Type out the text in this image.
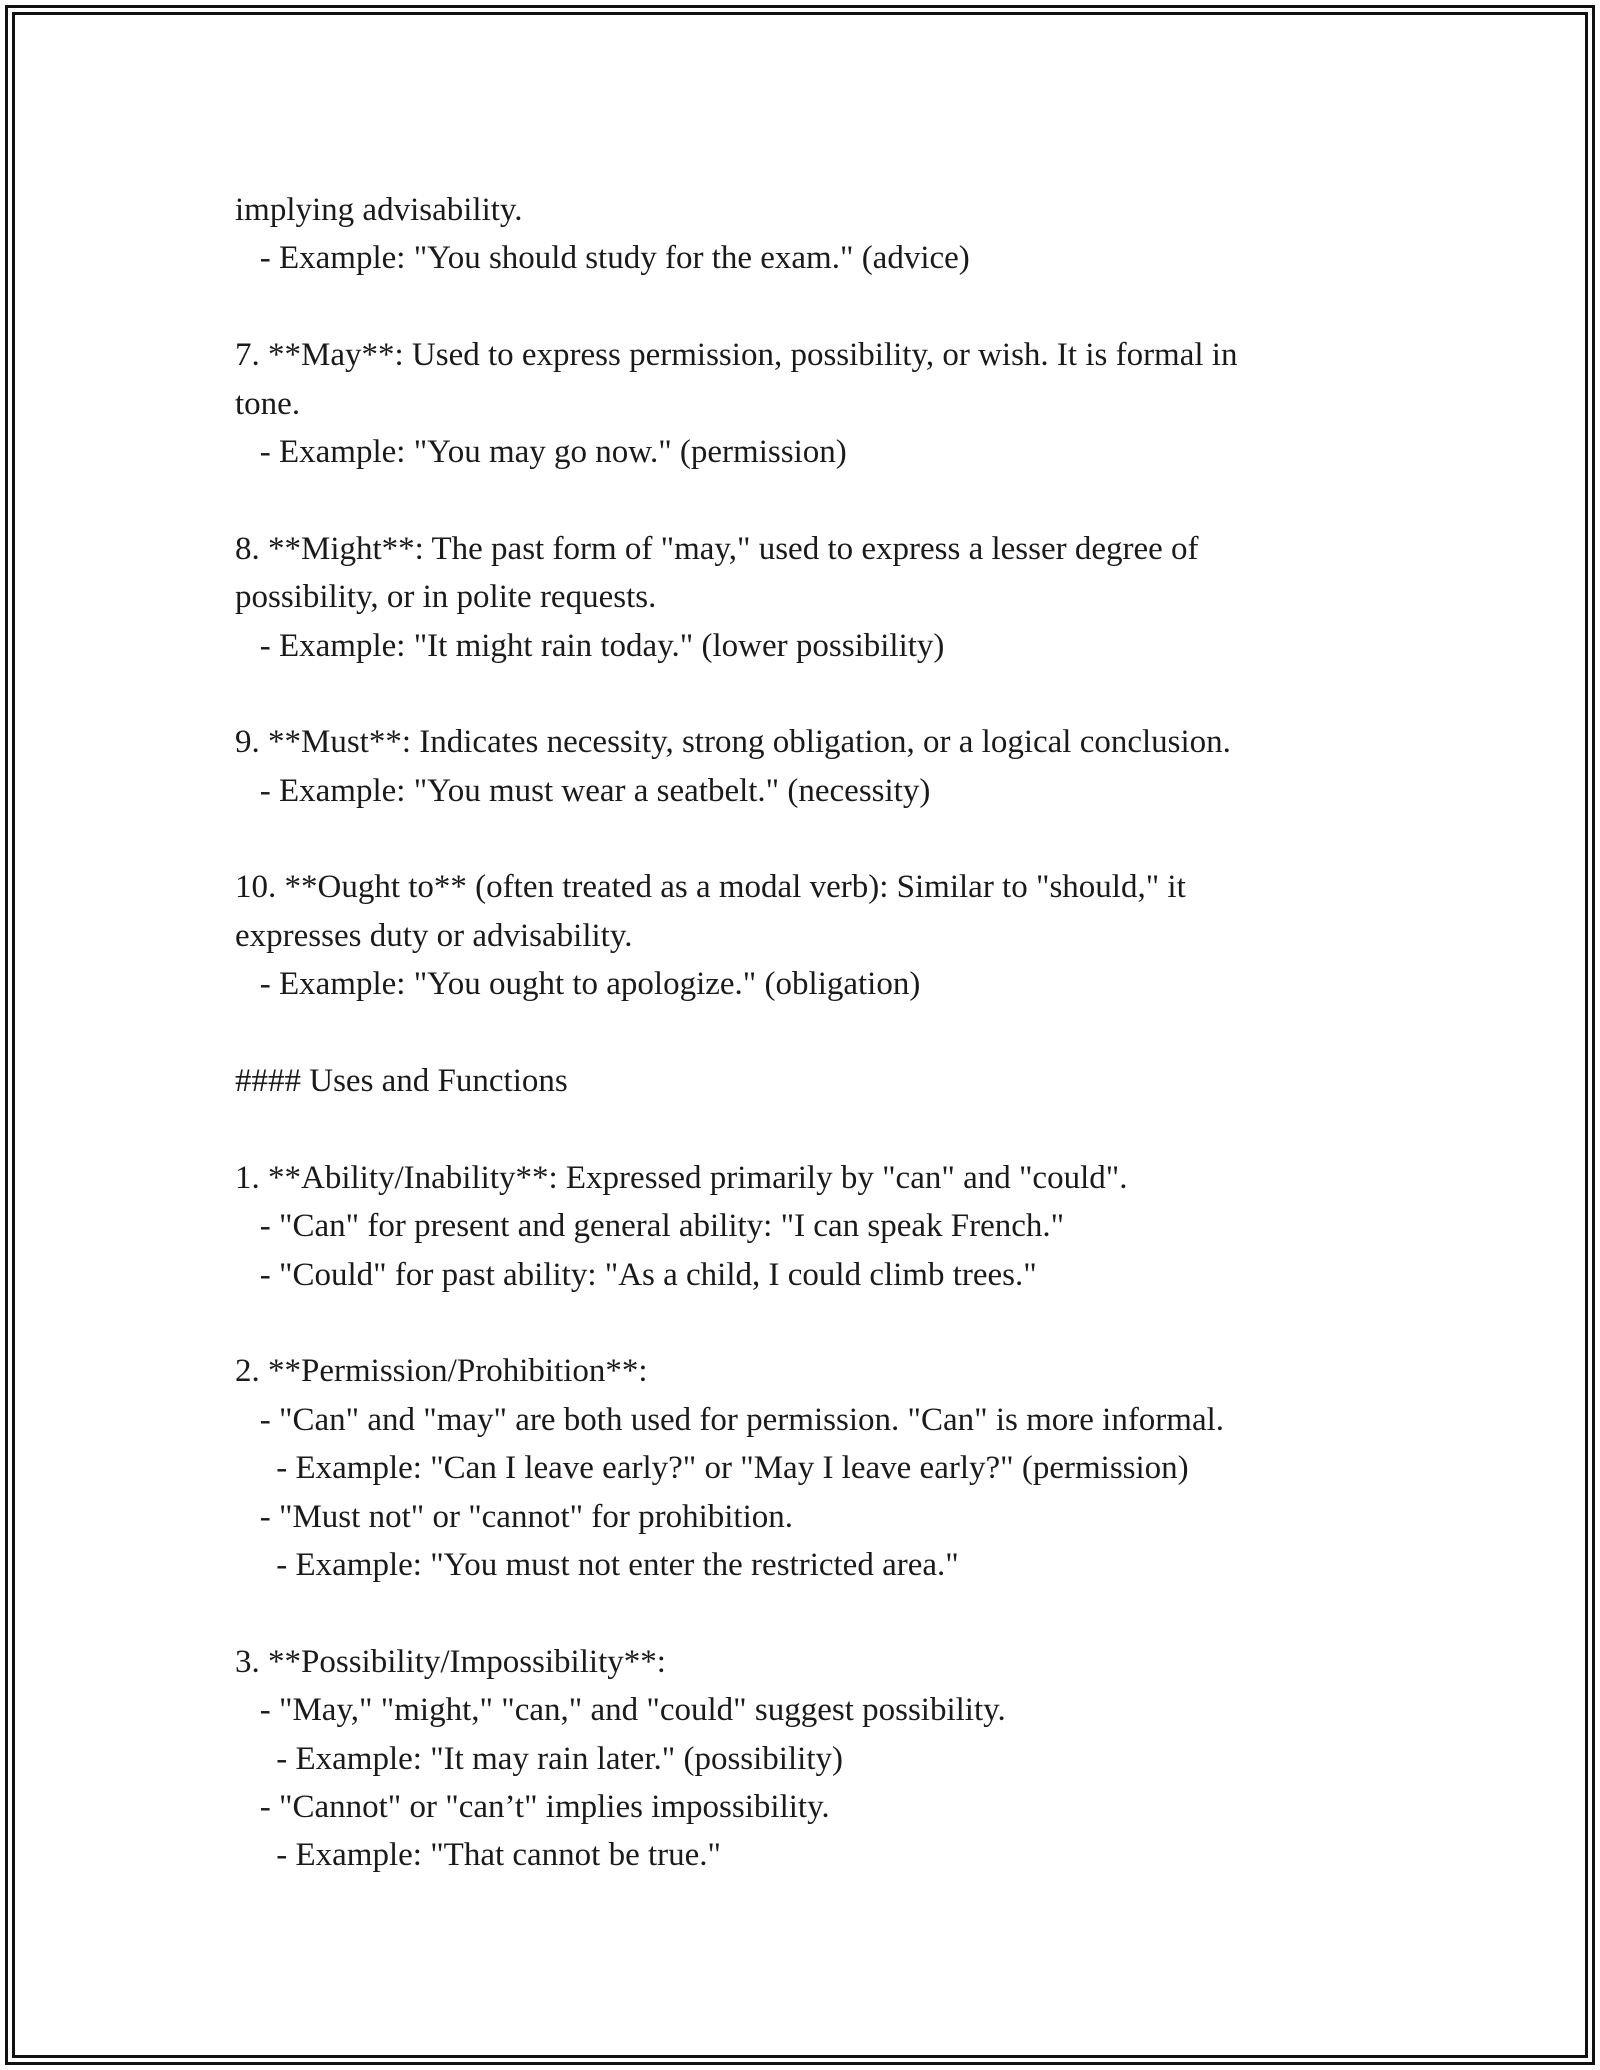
implying advisability.
- Example: "You should study for the exam." (advice)
7. **May**: Used to express permission, possibility, or wish. It is formal in
tone.
- Example: "You may go now." (permission)
8. **Might**: The past form of "may," used to express a lesser degree of
possibility, or in polite requests.
- Example: "It might rain today." (lower possibility)
9. **Must**: Indicates necessity, strong obligation, or a logical conclusion.
- Example: "You must wear a seatbelt." (necessity)
10. **Ought to** (often treated as a modal verb): Similar to "should," it
expresses duty or advisability.
- Example: "You ought to apologize." (obligation)
#### Uses and Functions
1. **Ability/Inability**: Expressed primarily by "can" and "could".
- "Can" for present and general ability: "I can speak French."
- "Could" for past ability: "As a child, I could climb trees."
2. **Permission/Prohibition**:
- "Can" and "may" are both used for permission. "Can" is more informal.
- Example: "Can I leave early?" or "May I leave early?" (permission)
- "Must not" or "cannot" for prohibition.
- Example: "You must not enter the restricted area."
3. **Possibility/Impossibility**:
- "May," "might," "can," and "could" suggest possibility.
- Example: "It may rain later." (possibility)
- "Cannot" or "can’t" implies impossibility.
- Example: "That cannot be true."
